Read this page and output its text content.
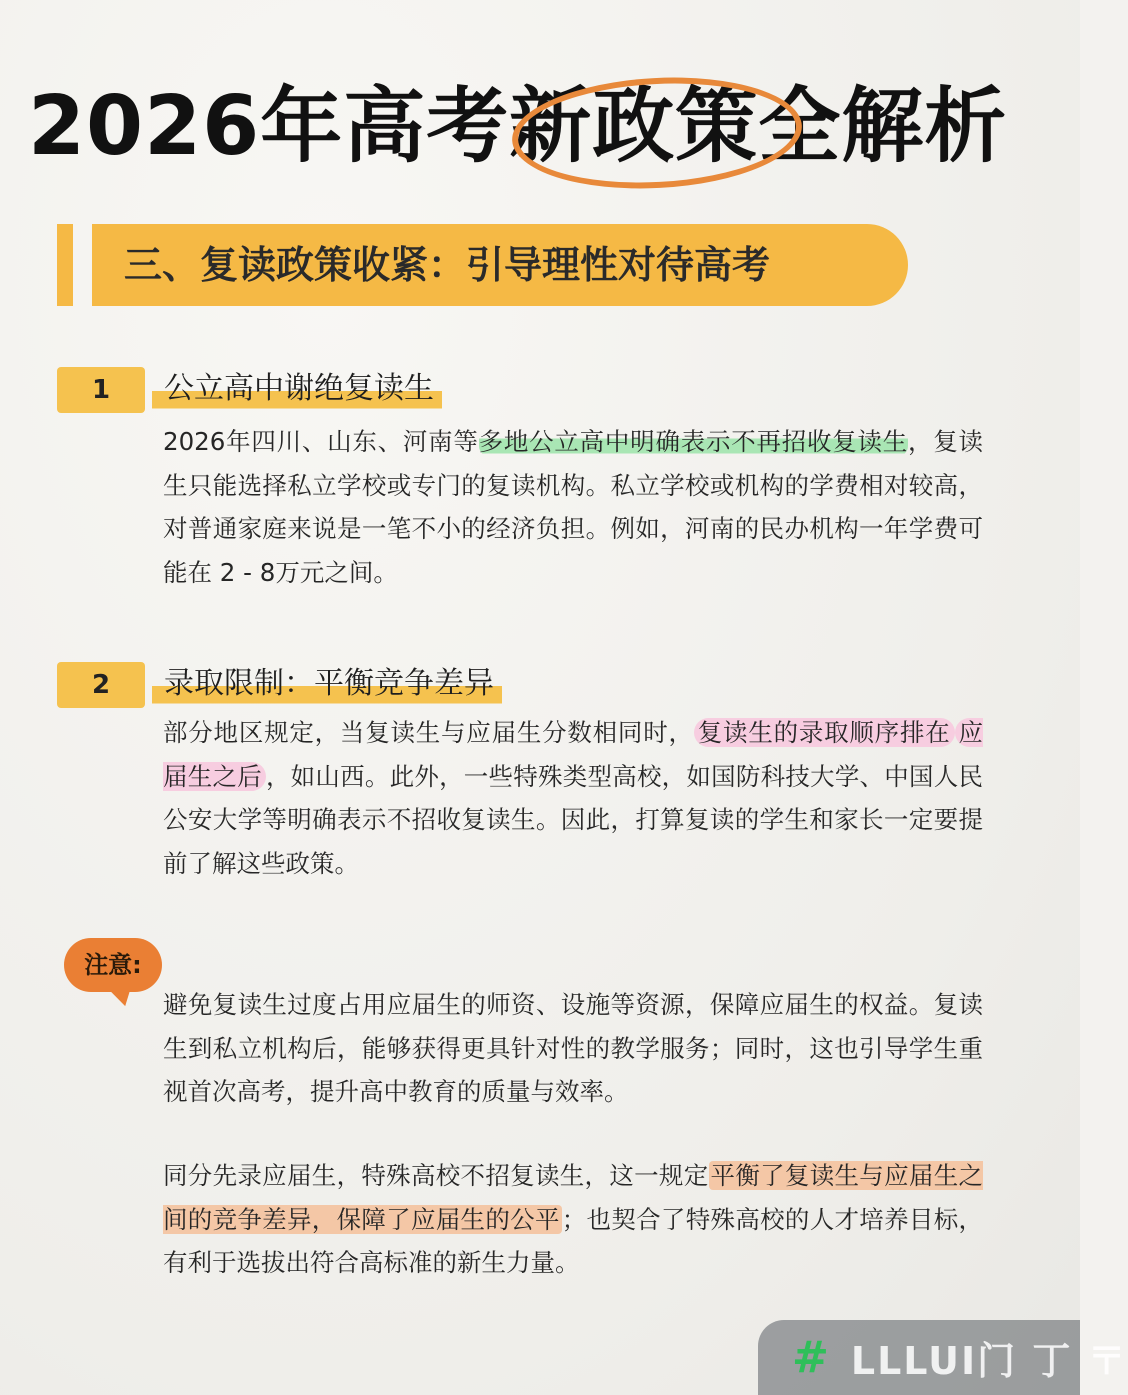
2026年高考新政策全解析
三、复读政策收紧：引导理性对待高考
1	公立高中谢绝复读生
2026年四川、山东、河南等多地公立高中明确表示不再招收复读生，复读生只能选择私立学校或专门的复读机构。私立学校或机构的学费相对较高，对普通家庭来说是一笔不小的经济负担。例如，河南的民办机构一年学费可能在 2 - 8万元之间。
2	录取限制：平衡竞争差异
部分地区规定，当复读生与应届生分数相同时， 复读生的录取顺序排在 应届生之后 ，如山西。此外，一些特殊类型高校，如国防科技大学、中国人民公安大学等明确表示不招收复读生。因此，打算复读的学生和家长一定要提前了解这些政策。
注意:
避免复读生过度占用应届生的师资、设施等资源，保障应届生的权益。复读生到私立机构后，能够获得更具针对性的教学服务；同时，这也引导学生重视首次高考，提升高中教育的质量与效率。
同分先录应届生，特殊高校不招复读生，这一规定平衡了复读生与应届生之间的竞争差异，保障了应届生的公平；也契合了特殊高校的人才培养目标，有利于选拔出符合高标准的新生力量。
# LLLUI门 丁 〒
